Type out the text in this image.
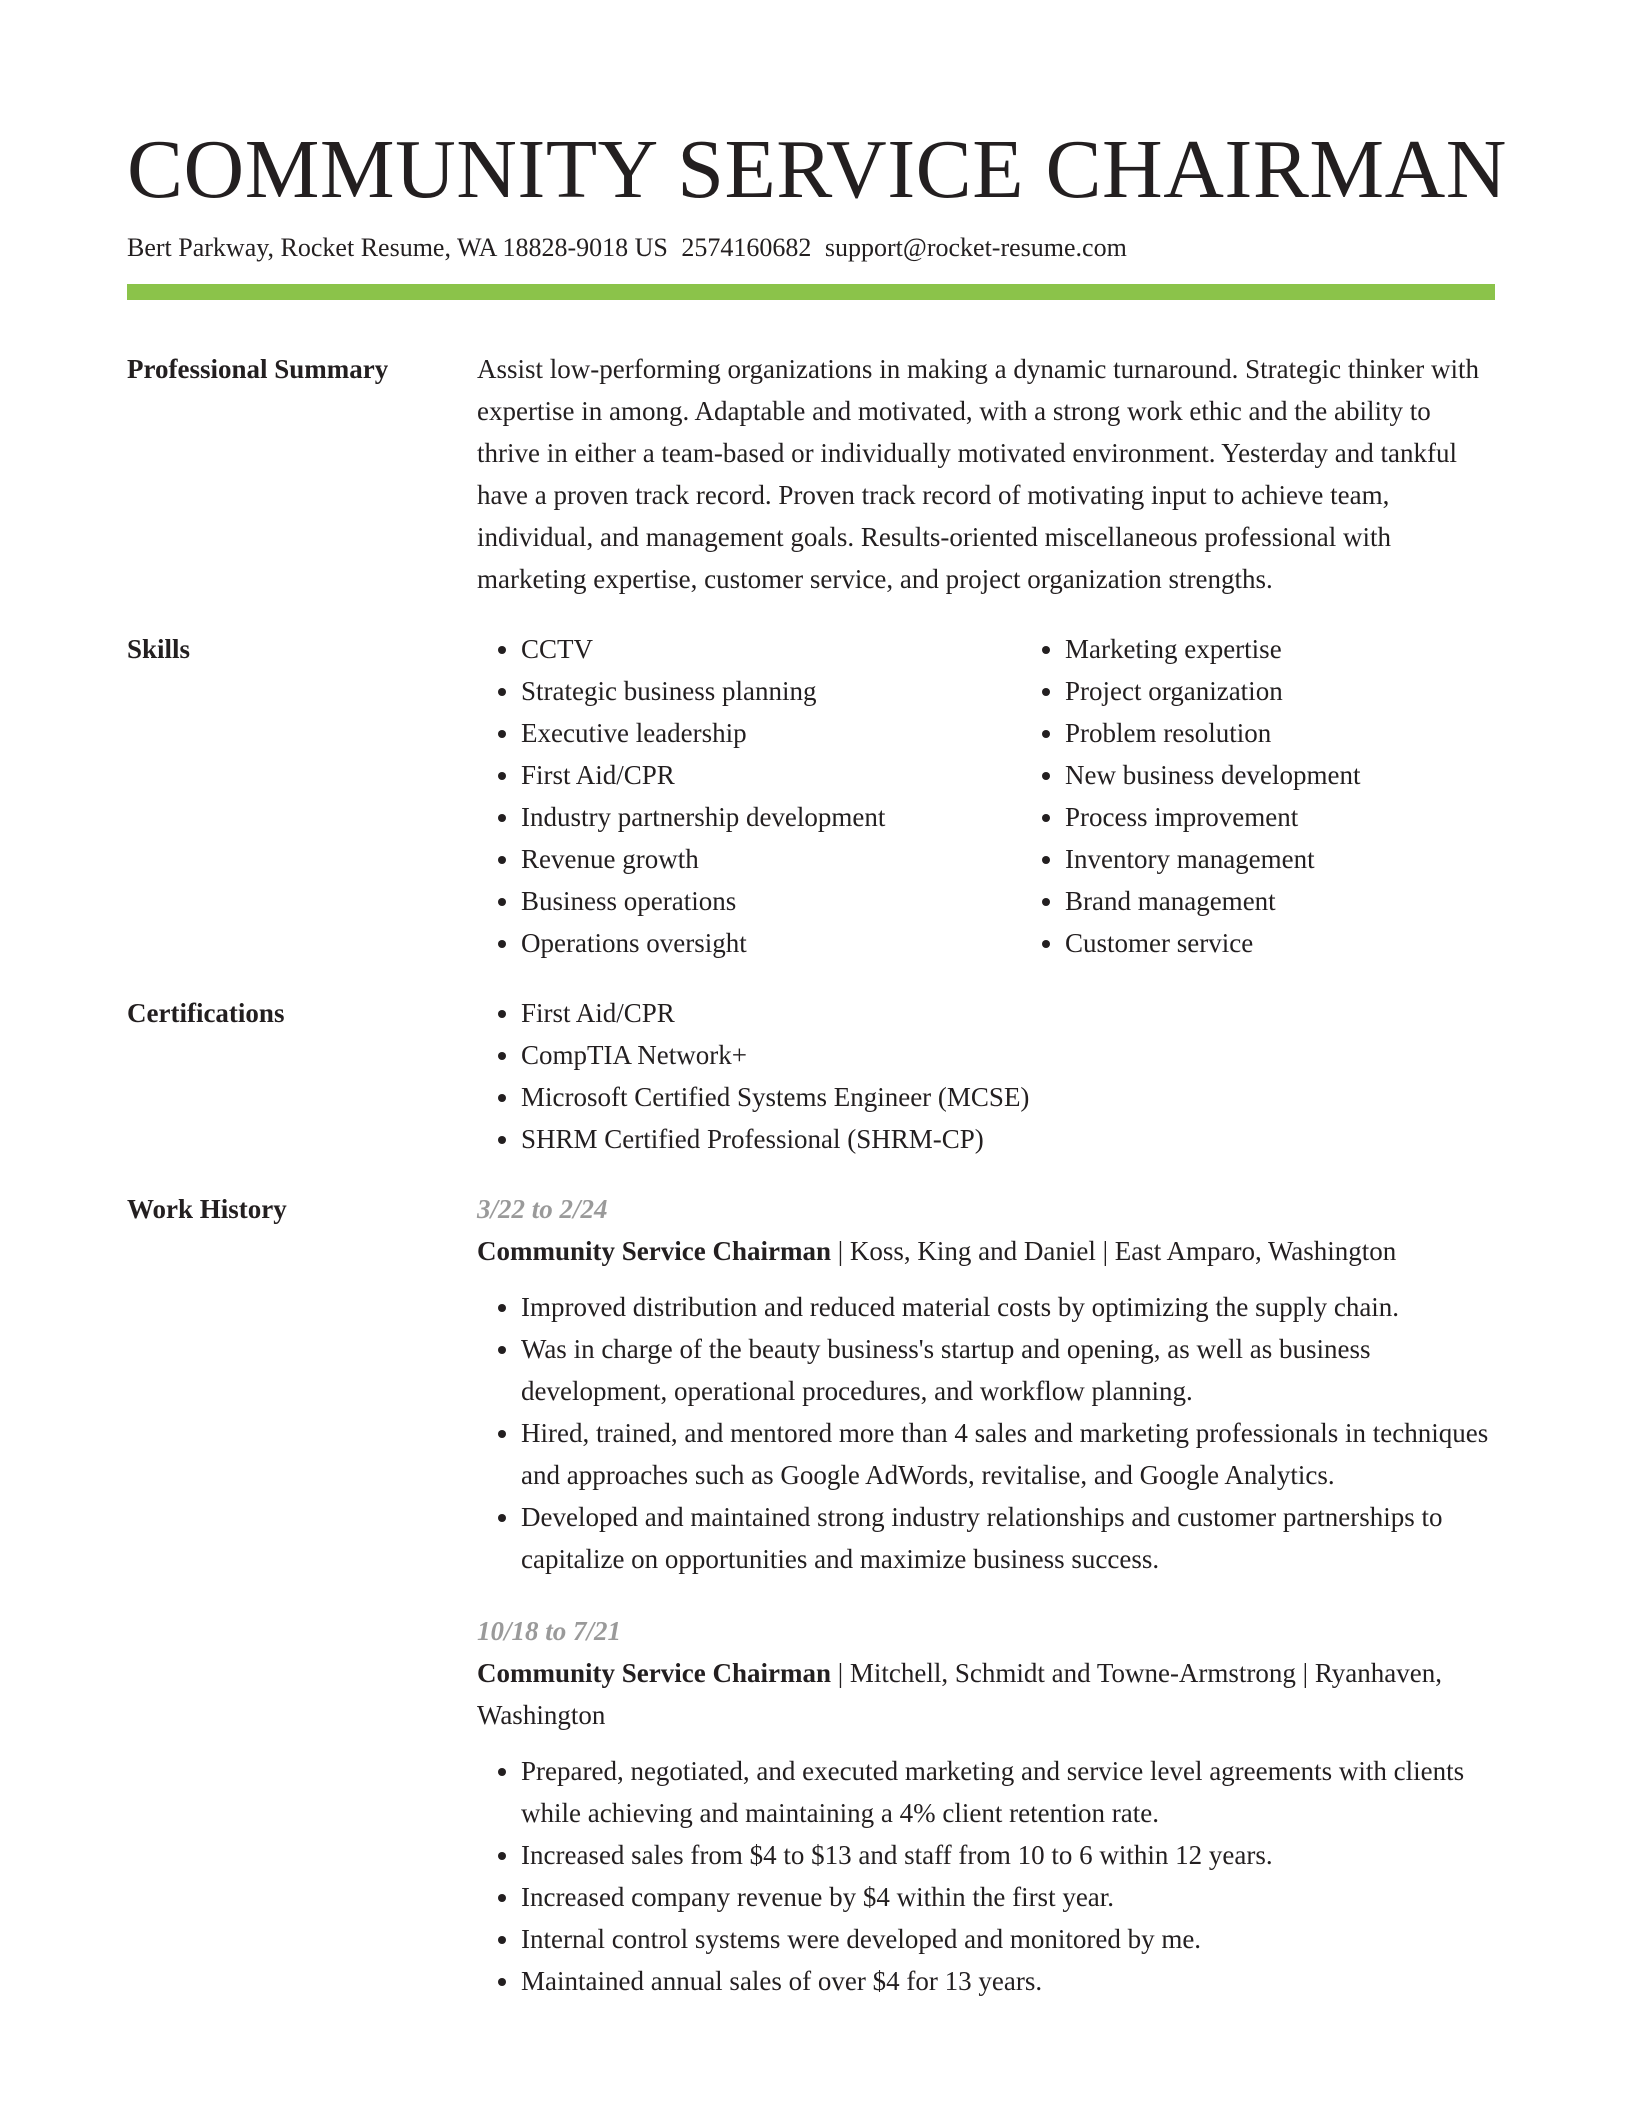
COMMUNITY SERVICE CHAIRMAN
Bert Parkway, Rocket Resume, WA 18828-9018 US 2574160682 support@rocket-resume.com
Professional Summary	Assist low-performing organizations in making a dynamic turnaround. Strategic thinker with expertise in among. Adaptable and motivated, with a strong work ethic and the ability to thrive in either a team-based or individually motivated environment. Yesterday and tankful have a proven track record. Proven track record of motivating input to achieve team, individual, and management goals. Results-oriented miscellaneous professional with marketing expertise, customer service, and project organization strengths.

Skills	• CCTV
• Strategic business planning
• Executive leadership
• First Aid/CPR
• Industry partnership development
• Revenue growth
• Business operations
• Operations oversight
• Marketing expertise
• Project organization
• Problem resolution
• New business development
• Process improvement
• Inventory management
• Brand management
• Customer service
Certifications	• First Aid/CPR
• CompTIA Network+
• Microsoft Certified Systems Engineer (MCSE)
• SHRM Certified Professional (SHRM-CP)
Work History	3/22 to 2/24
Community Service Chairman | Koss, King and Daniel | East Amparo, Washington
• Improved distribution and reduced material costs by optimizing the supply chain.
• Was in charge of the beauty business's startup and opening, as well as business development, operational procedures, and workflow planning.
• Hired, trained, and mentored more than 4 sales and marketing professionals in techniques and approaches such as Google AdWords, revitalise, and Google Analytics.
• Developed and maintained strong industry relationships and customer partnerships to capitalize on opportunities and maximize business success.
10/18 to 7/21
Community Service Chairman | Mitchell, Schmidt and Towne-Armstrong | Ryanhaven, Washington
• Prepared, negotiated, and executed marketing and service level agreements with clients while achieving and maintaining a 4% client retention rate.
• Increased sales from $4 to $13 and staff from 10 to 6 within 12 years.
• Increased company revenue by $4 within the first year.
• Internal control systems were developed and monitored by me.
• Maintained annual sales of over $4 for 13 years.
